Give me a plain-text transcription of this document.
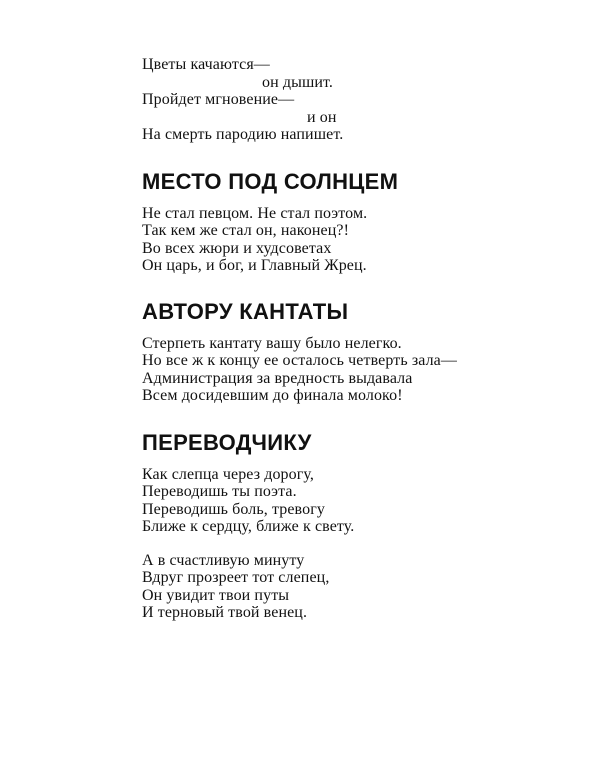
Цветы качаются—
он дышит.
Пройдет мгновение—
и он
На смерть пародию напишет.
МЕСТО ПОД СОЛНЦЕМ
Не стал певцом. Не стал поэтом.
Так кем же стал он, наконец?!
Во всех жюри и худсоветах
Он царь, и бог, и Главный Жрец.
АВТОРУ КАНТАТЫ
Стерпеть кантату вашу было нелегко.
Но все ж к концу ее осталось четверть зала—
Администрация за вредность выдавала
Всем досидевшим до финала молоко!
ПЕРЕВОДЧИКУ
Как слепца через дорогу,
Переводишь ты поэта.
Переводишь боль, тревогу
Ближе к сердцу, ближе к свету.
А в счастливую минуту
Вдруг прозреет тот слепец,
Он увидит твои путы
И терновый твой венец.
